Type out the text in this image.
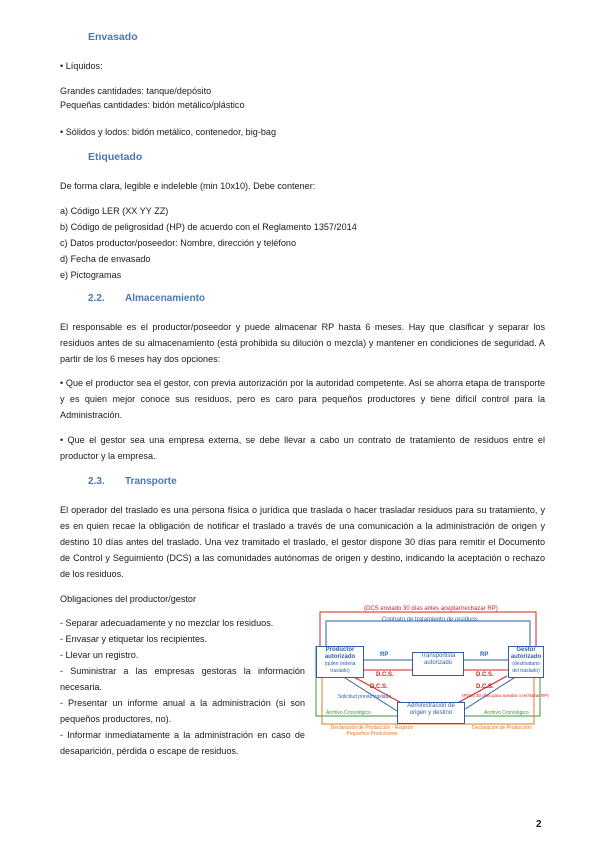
Envasado
• Líquidos:
Grandes cantidades: tanque/depósito
Pequeñas cantidades: bidón metálico/plástico
• Sólidos y lodos: bidón metálico, contenedor, big-bag
Etiquetado
De forma clara, legible e indeleble (min 10x10). Debe contener:
a) Código LER (XX YY ZZ)
b) Código de peligrosidad (HP) de acuerdo con el Reglamento 1357/2014
c) Datos productor/poseedor: Nombre, dirección y teléfono
d) Fecha de envasado
e) Pictogramas
2.2. Almacenamiento
El responsable es el productor/poseedor y puede almacenar RP hasta 6 meses. Hay que clasificar y separar los residuos antes de su almacenamiento (está prohibida su dilución o mezcla) y mantener en condiciones de seguridad. A partir de los 6 meses hay dos opciones:
• Que el productor sea el gestor, con previa autorización por la autoridad competente. Así se ahorra etapa de transporte y es quien mejor conoce sus residuos, pero es caro para pequeños productores y tiene difícil control para la Administración.
• Que el gestor sea una empresa externa, se debe llevar a cabo un contrato de tratamiento de residuos entre el productor y la empresa.
2.3. Transporte
El operador del traslado es una persona física o jurídica que traslada o hacer trasladar residuos para su tratamiento, y es en quien recae la obligación de notificar el traslado a través de una comunicación a la administración de origen y destino 10 días antes del traslado. Una vez tramitado el traslado, el gestor dispone 30 días para remitir el Documento de Control y Seguimiento (DCS) a las comunidades autónomas de origen y destino, indicando la aceptación o rechazo de los residuos.
Obligaciones del productor/gestor
- Separar adecuadamente y no mezclar los residuos.
- Envasar y etiquetar los recipientes.
- Llevar un registro.
- Suministrar a las empresas gestoras la información necesaria.
- Presentar un informe anual a la administración (si son pequeños productores, no).
- Informar inmediatamente a la administración en caso de desaparición, pérdida o escape de residuos.
(DCS enviado 30 días antes aceptar/rechazar RP)
Contrato de tratamiento de residuos
Productor autorizado
(quien ordena traslado)
Transportista autorizado
Gestor autorizado
(destinatario del traslado)
RP	RP
D.C.S.	D.C.S.
D.C.S.	D.C.S.
Solicitud previa traslado	(Plazo 30 días para aceptar o rechazar RP)
Administración de origen y destino
Archivo Cronológico	Archivo Cronológico
Declaración de Producción - Registro Pequeños Productores
Declaración de Producción
2
